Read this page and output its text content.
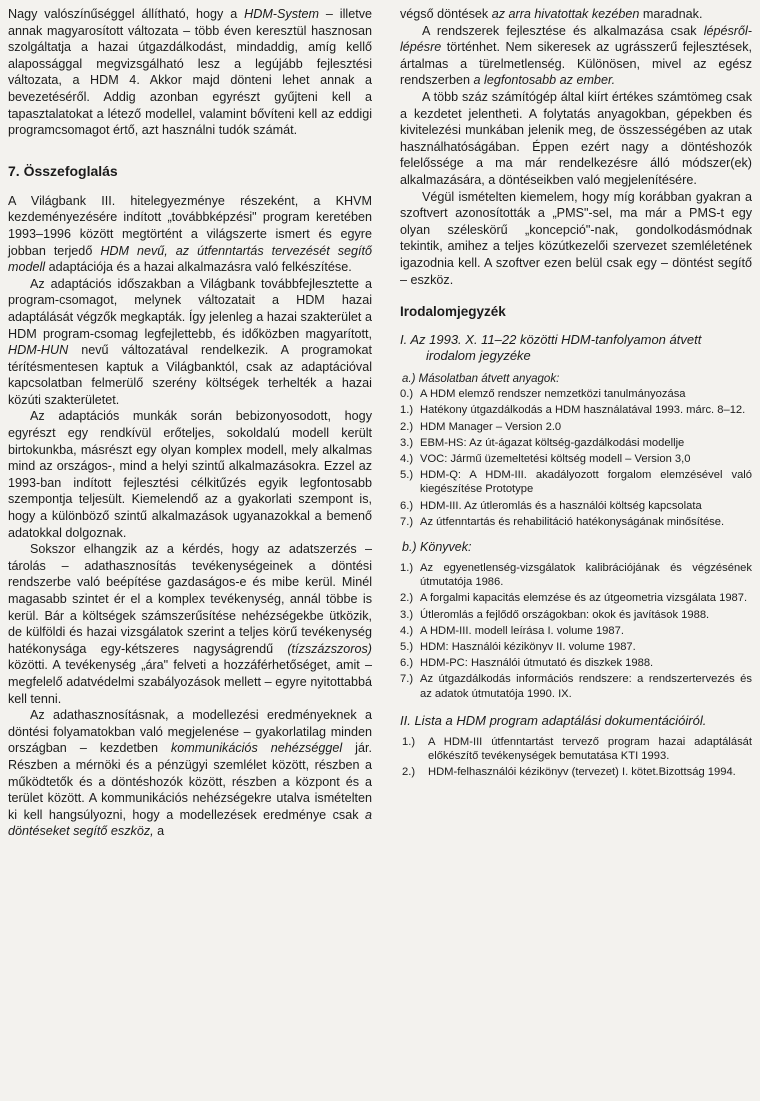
Nagy valószínűséggel állítható, hogy a HDM-System – illetve annak magyarosított változata – több éven keresztül hasznosan szolgáltatja a hazai útgazdálkodást, mindaddig, amíg kellő alapossággal megvizsgálható lesz a legújább fejlesztési változata, a HDM 4. Akkor majd dönteni lehet annak a bevezetéséről. Addig azonban egyrészt gyűjteni kell a tapasztalatokat a létező modellel, valamint bővíteni kell az eddigi programcsomagot értő, azt használni tudók számát.

7. Összefoglalás

A Világbank III. hitelegyezménye részeként, a KHVM kezdeményezésére indított „továbbképzési" program keretében 1993–1996 között megtörtént a világszerte ismert és egyre jobban terjedő HDM nevű, az útfenntartás tervezését segítő modell adaptációja és a hazai alkalmazásra való felkészítése.

Az adaptációs időszakban a Világbank továbbfejlesztette a program-csomagot, melynek változatait a HDM hazai adaptálását végzők megkapták. Így jelenleg a hazai szakterület a HDM program-csomag legfejlettebb, és időközben magyarított, HDM-HUN nevű változatával rendelkezik. A programokat térítésmentesen kaptuk a Világbanktól, csak az adaptációval kapcsolatban felmerülő szerény költségek terhelték a hazai közúti szakterületet.

Az adaptációs munkák során bebizonyosodott, hogy egyrészt egy rendkívül erőteljes, sokoldalú modell került birtokunkba, másrészt egy olyan komplex modell, mely alkalmas mind az országos-, mind a helyi szintű alkalmazásokra. Ezzel az 1993-ban indított fejlesztési célkitűzés egyik legfontosabb szempontja teljesült. Kiemelendő az a gyakorlati szempont is, hogy a különböző szintű alkalmazások ugyanazokkal a bemenő adatokkal dolgoznak.

Sokszor elhangzik az a kérdés, hogy az adatszerzés – tárolás – adathasznosítás tevékenységeinek a döntési rendszerbe való beépítése gazdaságos-e és mibe kerül. Minél magasabb szintet ér el a komplex tevékenység, annál többe is kerül. Bár a költségek számszerűsítése nehézségekbe ütközik, de külföldi és hazai vizsgálatok szerint a teljes körű tevékenység hatékonysága egy-kétszeres nagyságrendű (tízszázszoros) közötti. A tevékenység „ára" felveti a hozzáférhetőséget, amit – megfelelő adatvédelmi szabályozások mellett – egyre nyitottabbá kell tenni.

Az adathasznosításnak, a modellezési eredményeknek a döntési folyamatokban való megjelenése – gyakorlatilag minden országban – kezdetben kommunikációs nehézséggel jár. Részben a mérnöki és a pénzügyi szemlélet között, részben a működtetők és a döntéshozók között, részben a központ és a terület között. A kommunikációs nehézségekre utalva ismételten ki kell hangsúlyozni, hogy a modellezések eredménye csak a döntéseket segítő eszköz, a

végső döntések az arra hivatottak kezében maradnak.

A rendszerek fejlesztése és alkalmazása csak lépésről-lépésre történhet. Nem sikeresek az ugrásszerű fejlesztések, ártalmas a türelmetlenség. Különösen, mivel az egész rendszerben a legfontosabb az ember.

A több száz számítógép által kiírt értékes számtömeg csak a kezdetet jelentheti. A folytatás anyagokban, gépekben és kivitelezési munkában jelenik meg, de összességében az utak használhatóságában. Éppen ezért nagy a döntéshozók felelőssége a ma már rendelkezésre álló módszer(ek) alkalmazására, a döntéseikben való megjelenítésére.

Végül ismételten kiemelem, hogy míg korábban gyakran a szoftvert azonosították a „PMS"-sel, ma már a PMS-t egy olyan széleskörű „koncepció"-nak, gondolkodásmódnak tekintik, amihez a teljes közútkezelői szervezet szemléletének igazodnia kell. A szoftver ezen belül csak egy – döntést segítő – eszköz.

Irodalomjegyzék
I. Az 1993. X. 11–22 közötti HDM-tanfolyamon átvett irodalom jegyzéke
a.) Másolatban átvett anyagok:
0.) A HDM elemző rendszer nemzetközi tanulmányozása
1.) Hatékony útgazdálkodás a HDM használatával 1993. márc. 8–12.
2.) HDM Manager – Version 2.0
3.) EBM-HS: Az út-ágazat költség-gazdálkodási modellje
4.) VOC: Jármű üzemeltetési költség modell – Version 3,0
5.) HDM-Q: A HDM-III. akadályozott forgalom elemzésével való kiegészítése Prototype
6.) HDM-III. Az útleromlás és a használói költség kapcsolata
7.) Az útfenntartás és rehabilitáció hatékonyságának minősítése.
b.) Könyvek:
1.) Az egyenetlenség-vizsgálatok kalibrációjának és végzésének útmutatója 1986.
2.) A forgalmi kapacitás elemzése és az útgeometria vizsgálata 1987.
3.) Útleromlás a fejlődő országokban: okok és javítások 1988.
4.) A HDM-III. modell leírása I. volume 1987.
5.) HDM: Használói kézikönyv II. volume 1987.
6.) HDM-PC: Használói útmutató és diszkek 1988.
7.) Az útgazdálkodás információs rendszere: a rendszertervezés és az adatok útmutatója 1990. IX.
II. Lista a HDM program adaptálási dokumentációiról.
1.)	A HDM-III útfenntartást tervező program hazai adaptálását előkészítő tevékenységek bemutatása KTI 1993.
2.)	HDM-felhasználói kézikönyv (tervezet) I. kötet.Bizottság 1994.
